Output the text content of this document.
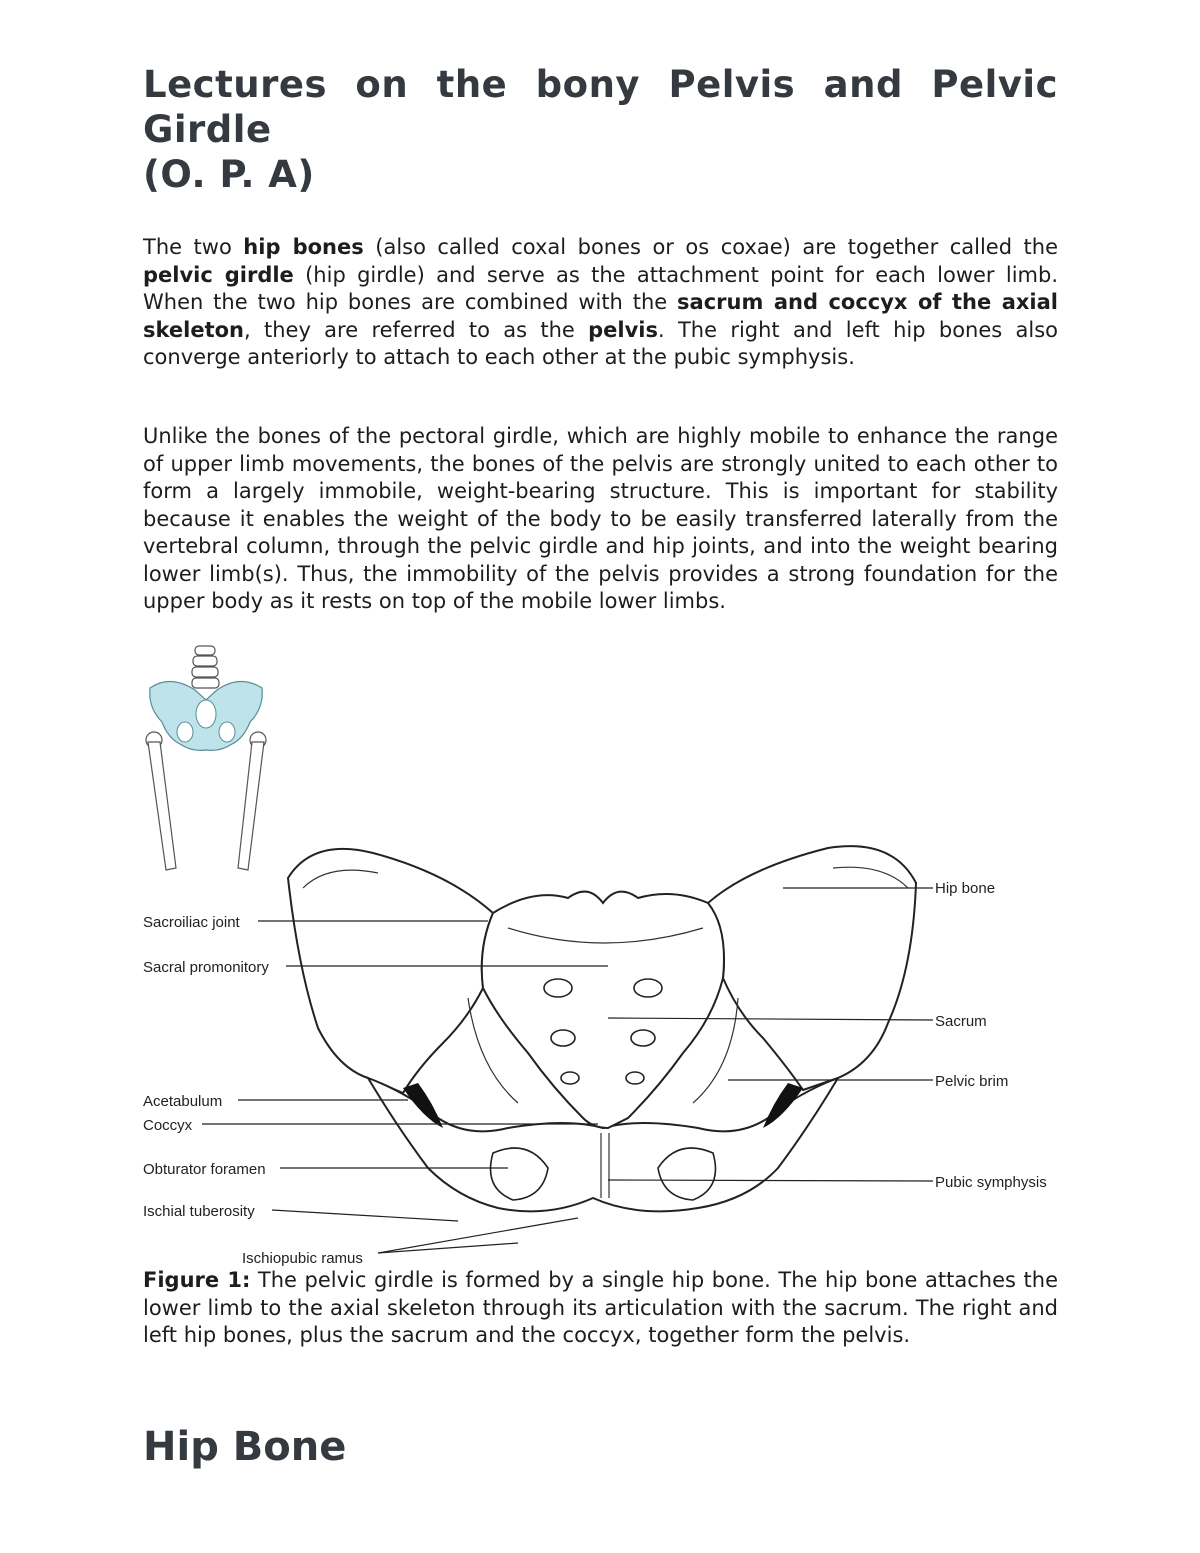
Lectures on the bony Pelvis and Pelvic
Girdle
(O. P. A)

The two hip bones (also called coxal bones or os coxae) are together called the pelvic girdle (hip girdle) and serve as the attachment point for each lower limb. When the two hip bones are combined with the sacrum and coccyx of the axial skeleton, they are referred to as the pelvis. The right and left hip bones also converge anteriorly to attach to each other at the pubic symphysis.

Unlike the bones of the pectoral girdle, which are highly mobile to enhance the range of upper limb movements, the bones of the pelvis are strongly united to each other to form a largely immobile, weight-bearing structure. This is important for stability because it enables the weight of the body to be easily transferred laterally from the vertebral column, through the pelvic girdle and hip joints, and into the weight bearing lower limb(s). Thus, the immobility of the pelvis provides a strong foundation for the upper body as it rests on top of the mobile lower limbs.

Sacroiliac joint
Sacral promonitory
Acetabulum
Coccyx
Obturator foramen
Ischial tuberosity
Ischiopubic ramus
Hip bone
Sacrum
Pelvic brim
Pubic symphysis

Figure 1: The pelvic girdle is formed by a single hip bone. The hip bone attaches the lower limb to the axial skeleton through its articulation with the sacrum. The right and left hip bones, plus the sacrum and the coccyx, together form the pelvis.

Hip Bone
